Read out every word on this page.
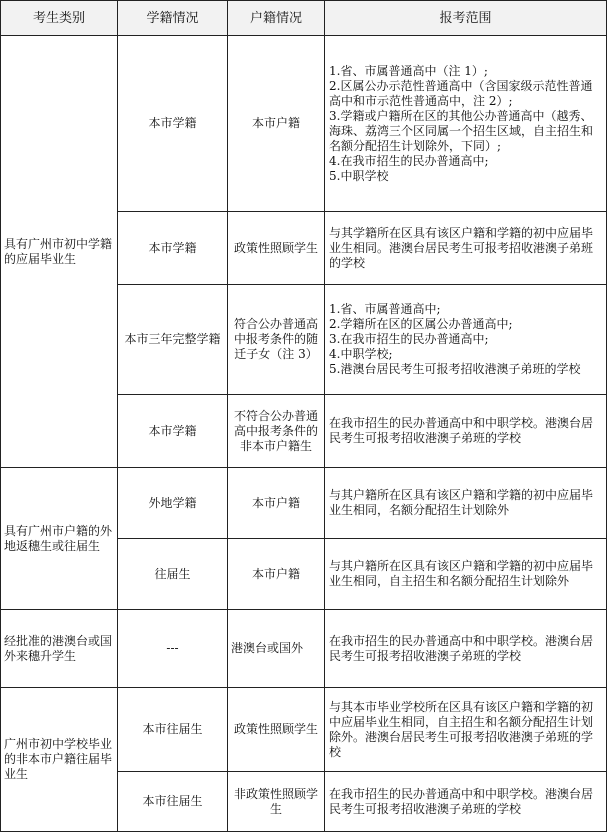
考生类别	学籍情况	户籍情况	报考范围
具有广州市初中学籍的应届毕业生	本市学籍	本市户籍	1.省、市属普通高中（注 1）;
2.区属公办示范性普通高中（含国家级示范性普通高中和市示范性普通高中，注 2）;
3.学籍或户籍所在区的其他公办普通高中（越秀、海珠、荔湾三个区同属一个招生区域，自主招生和名额分配招生计划除外，下同）;
4.在我市招生的民办普通高中;
5.中职学校

	本市学籍	政策性照顾学生	与其学籍所在区具有该区户籍和学籍的初中应届毕业生相同。港澳台居民考生可报考招收港澳子弟班的学校

	本市三年完整学籍	符合公办普通高中报考条件的随迁子女（注 3）	1.省、市属普通高中;
2.学籍所在区的区属公办普通高中;
3.在我市招生的民办普通高中;
4.中职学校;
5.港澳台居民考生可报考招收港澳子弟班的学校

	本市学籍	不符合公办普通高中报考条件的非本市户籍生	在我市招生的民办普通高中和中职学校。港澳台居民考生可报考招收港澳子弟班的学校

具有广州市户籍的外地返穗生或往届生	外地学籍	本市户籍	与其户籍所在区具有该区户籍和学籍的初中应届毕业生相同，名额分配招生计划除外

	往届生	本市户籍	与其户籍所在区具有该区户籍和学籍的初中应届毕业生相同，自主招生和名额分配招生计划除外

经批准的港澳台或国外来穗升学生	---	港澳台或国外	在我市招生的民办普通高中和中职学校。港澳台居民考生可报考招收港澳子弟班的学校

广州市初中学校毕业的非本市户籍往届毕业生	本市往届生	政策性照顾学生	与其本市毕业学校所在区具有该区户籍和学籍的初中应届毕业生相同，自主招生和名额分配招生计划除外。港澳台居民考生可报考招收港澳子弟班的学校

	本市往届生	非政策性照顾学生	在我市招生的民办普通高中和中职学校。港澳台居民考生可报考招收港澳子弟班的学校
